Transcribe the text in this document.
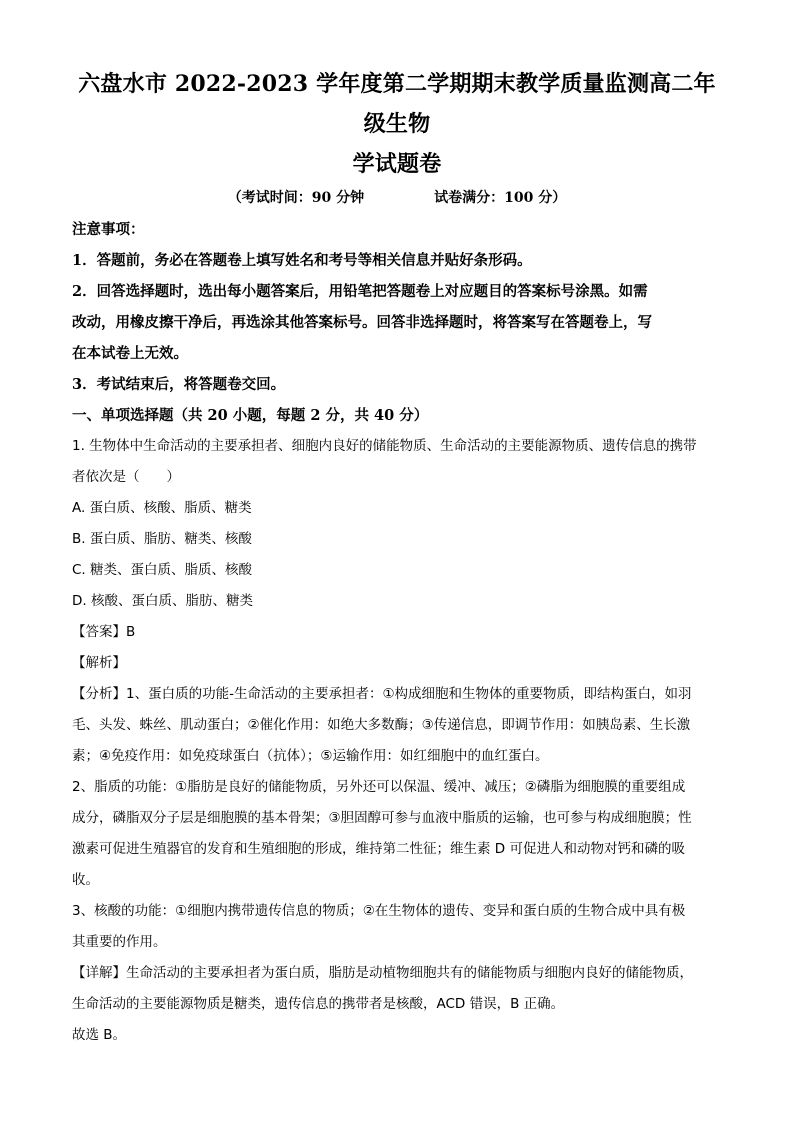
六盘水市 2022-2023 学年度第二学期期末教学质量监测高二年级生物
学试题卷
（考试时间：90 分钟	试卷满分：100 分）

注意事项：

1．答题前，务必在答题卷上填写姓名和考号等相关信息并贴好条形码。

2．回答选择题时，选出每小题答案后，用铅笔把答题卷上对应题目的答案标号涂黑。如需

改动，用橡皮擦干净后，再选涂其他答案标号。回答非选择题时，将答案写在答题卷上，写

在本试卷上无效。

3．考试结束后，将答题卷交回。

一、单项选择题（共 20 小题，每题 2 分，共 40 分）

1. 生物体中生命活动的主要承担者、细胞内良好的储能物质、生命活动的主要能源物质、遗传信息的携带

者依次是（　　）

A. 蛋白质、核酸、脂质、糖类

B. 蛋白质、脂肪、糖类、核酸

C. 糖类、蛋白质、脂质、核酸

D. 核酸、蛋白质、脂肪、糖类

【答案】B

【解析】

【分析】1、蛋白质的功能-生命活动的主要承担者：①构成细胞和生物体的重要物质，即结构蛋白，如羽

毛、头发、蛛丝、肌动蛋白；②催化作用：如绝大多数酶；③传递信息，即调节作用：如胰岛素、生长激

素；④免疫作用：如免疫球蛋白（抗体）；⑤运输作用：如红细胞中的血红蛋白。

2、脂质的功能：①脂肪是良好的储能物质，另外还可以保温、缓冲、减压；②磷脂为细胞膜的重要组成

成分，磷脂双分子层是细胞膜的基本骨架；③胆固醇可参与血液中脂质的运输，也可参与构成细胞膜；性

激素可促进生殖器官的发育和生殖细胞的形成，维持第二性征；维生素 D 可促进人和动物对钙和磷的吸

收。

3、核酸的功能：①细胞内携带遗传信息的物质；②在生物体的遗传、变异和蛋白质的生物合成中具有极

其重要的作用。

【详解】生命活动的主要承担者为蛋白质，脂肪是动植物细胞共有的储能物质与细胞内良好的储能物质，

生命活动的主要能源物质是糖类，遗传信息的携带者是核酸，ACD 错误，B 正确。

故选 B。
